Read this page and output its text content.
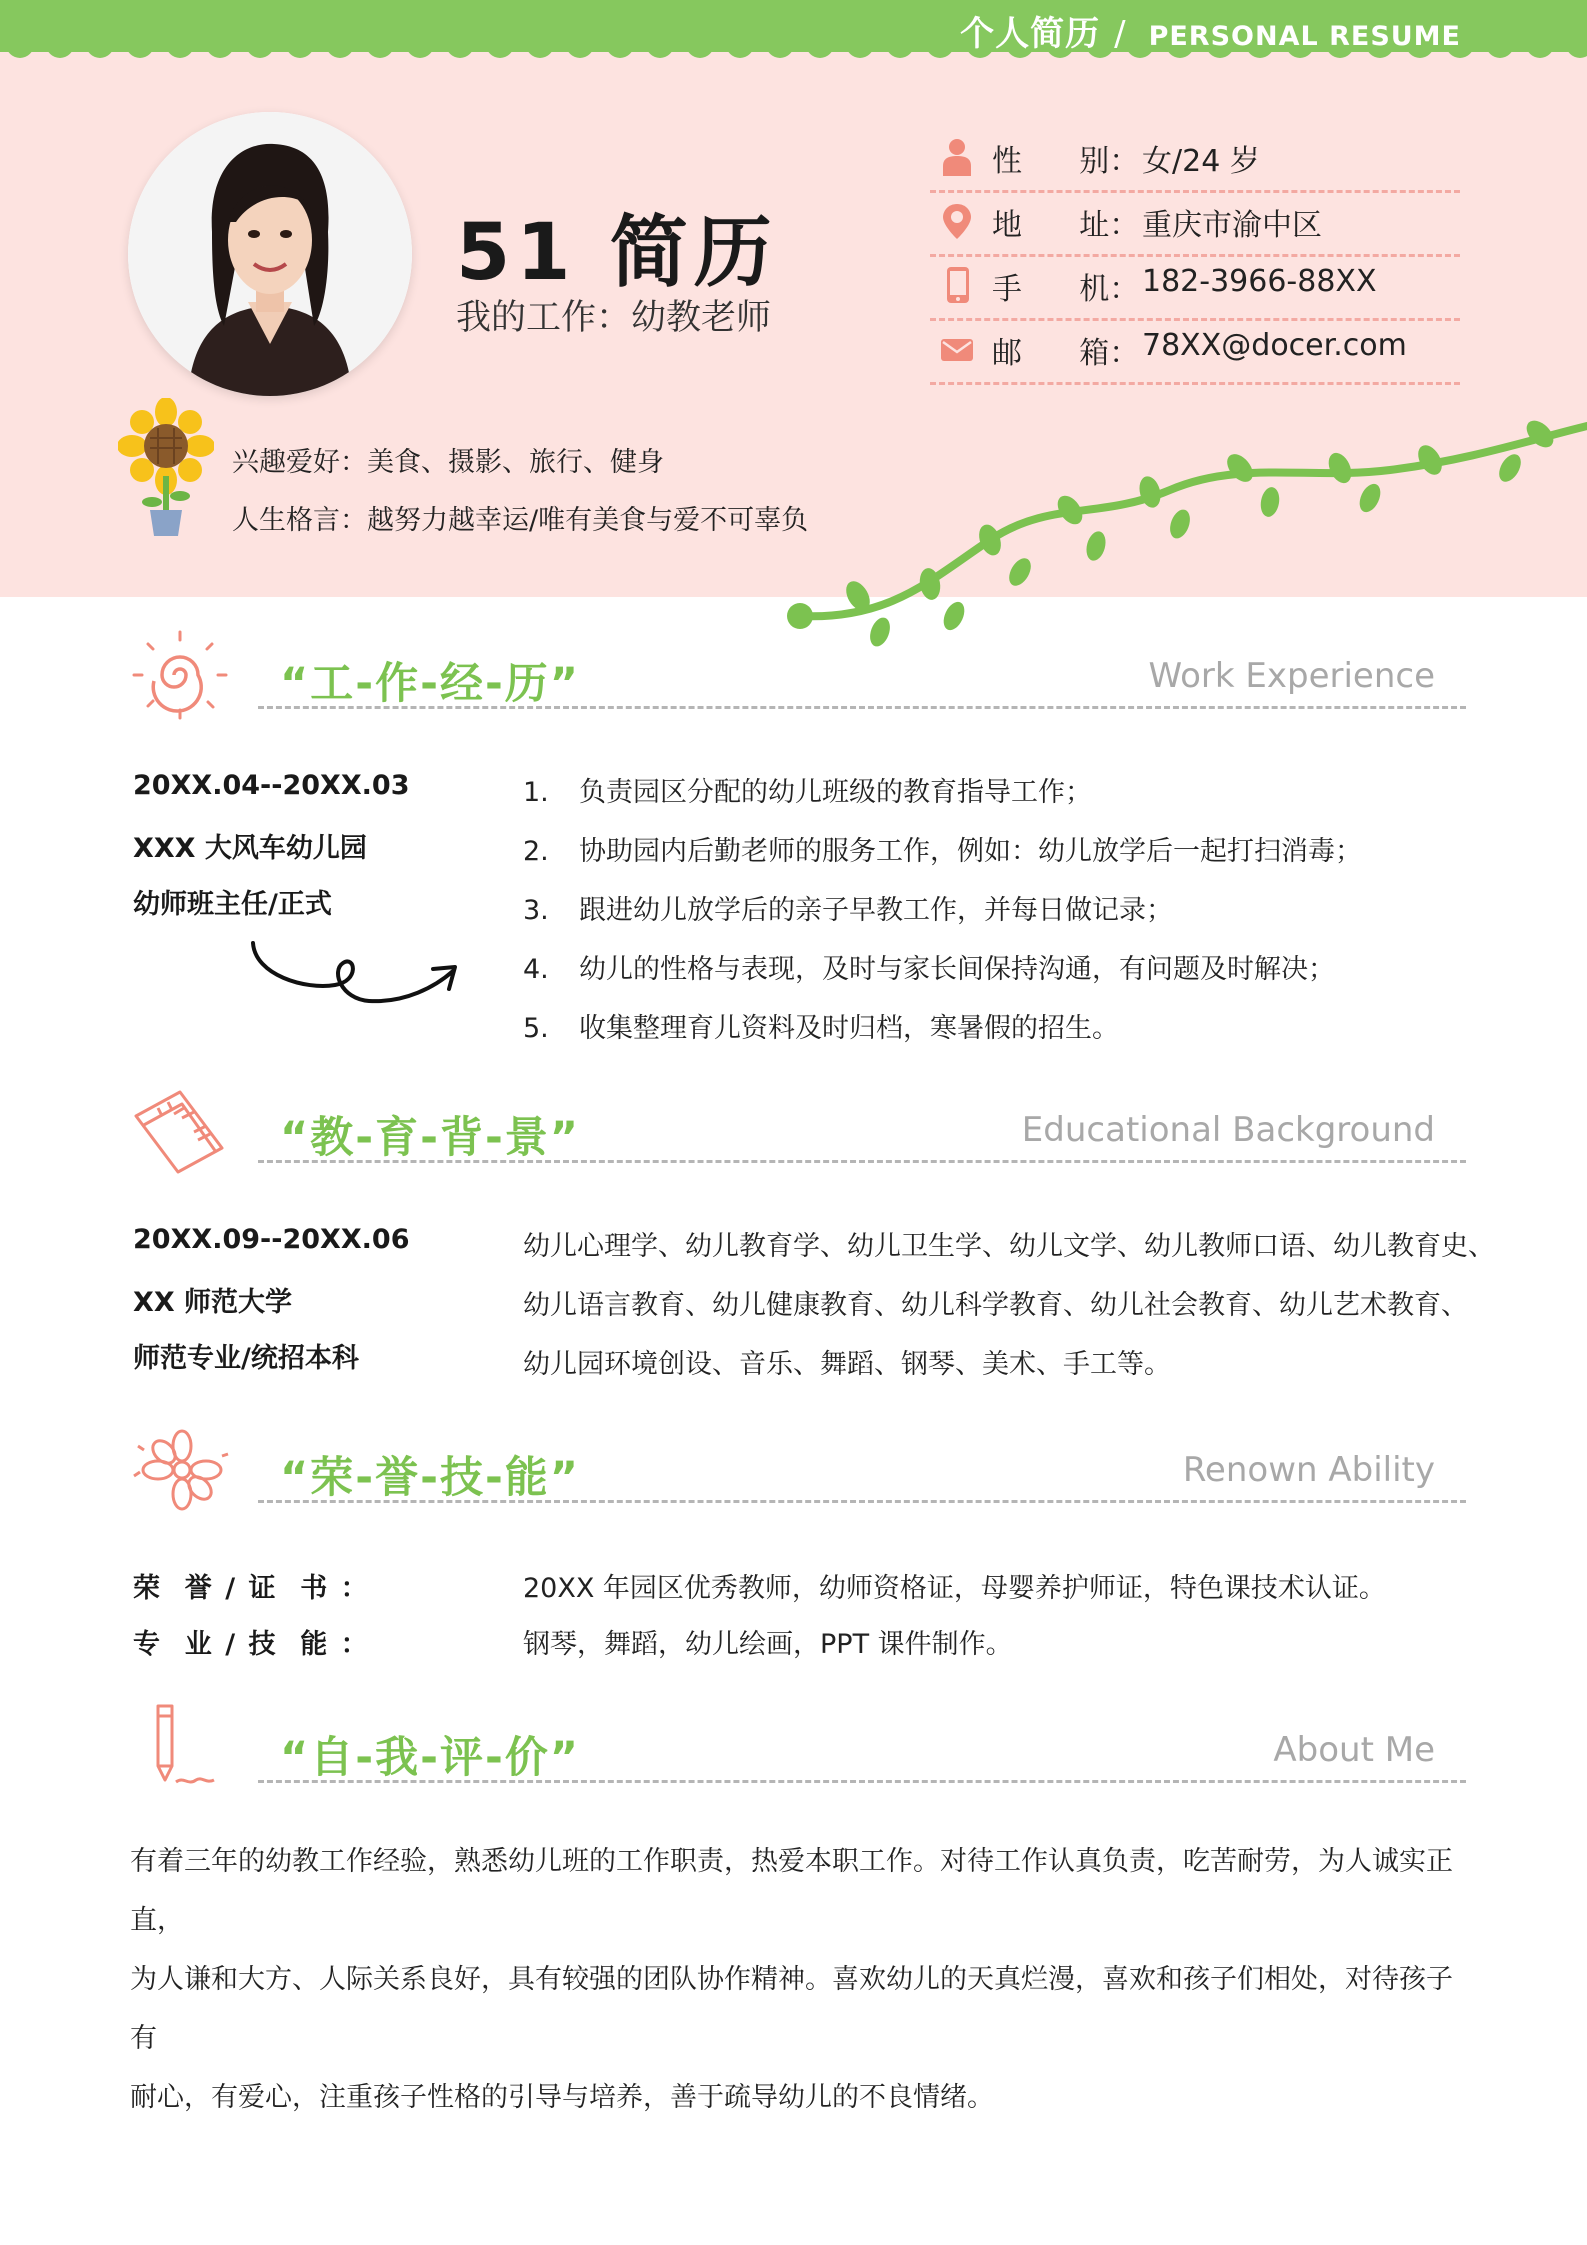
个人简历 / PERSONAL RESUME
51 简历
我的工作：幼教老师
性      别： 女/24 岁
地      址： 重庆市渝中区
手      机： 182-3966-88XX
邮      箱： 78XX@docer.com
兴趣爱好：美食、摄影、旅行、健身
人生格言：越努力越幸运/唯有美食与爱不可辜负
“工-作-经-历”	Work Experience
20XX.04--20XX.03
XXX 大风车幼儿园
幼师班主任/正式
1. 负责园区分配的幼儿班级的教育指导工作；
2. 协助园内后勤老师的服务工作，例如：幼儿放学后一起打扫消毒；
3. 跟进幼儿放学后的亲子早教工作，并每日做记录；
4. 幼儿的性格与表现，及时与家长间保持沟通，有问题及时解决；
5. 收集整理育儿资料及时归档，寒暑假的招生。
“教-育-背-景”	Educational Background
20XX.09--20XX.06
XX 师范大学
师范专业/统招本科
幼儿心理学、幼儿教育学、幼儿卫生学、幼儿文学、幼儿教师口语、幼儿教育史、
幼儿语言教育、幼儿健康教育、幼儿科学教育、幼儿社会教育、幼儿艺术教育、
幼儿园环境创设、音乐、舞蹈、钢琴、美术、手工等。
“荣-誉-技-能”	Renown Ability
荣  誉 / 证  书 ：	20XX 年园区优秀教师，幼师资格证，母婴养护师证，特色课技术认证。
专  业 / 技  能 ：	钢琴，舞蹈，幼儿绘画，PPT 课件制作。
“自-我-评-价”	About Me
有着三年的幼教工作经验，熟悉幼儿班的工作职责，热爱本职工作。对待工作认真负责，吃苦耐劳，为人诚实正直，
为人谦和大方、人际关系良好，具有较强的团队协作精神。喜欢幼儿的天真烂漫，喜欢和孩子们相处，对待孩子有
耐心，有爱心，注重孩子性格的引导与培养，善于疏导幼儿的不良情绪。
